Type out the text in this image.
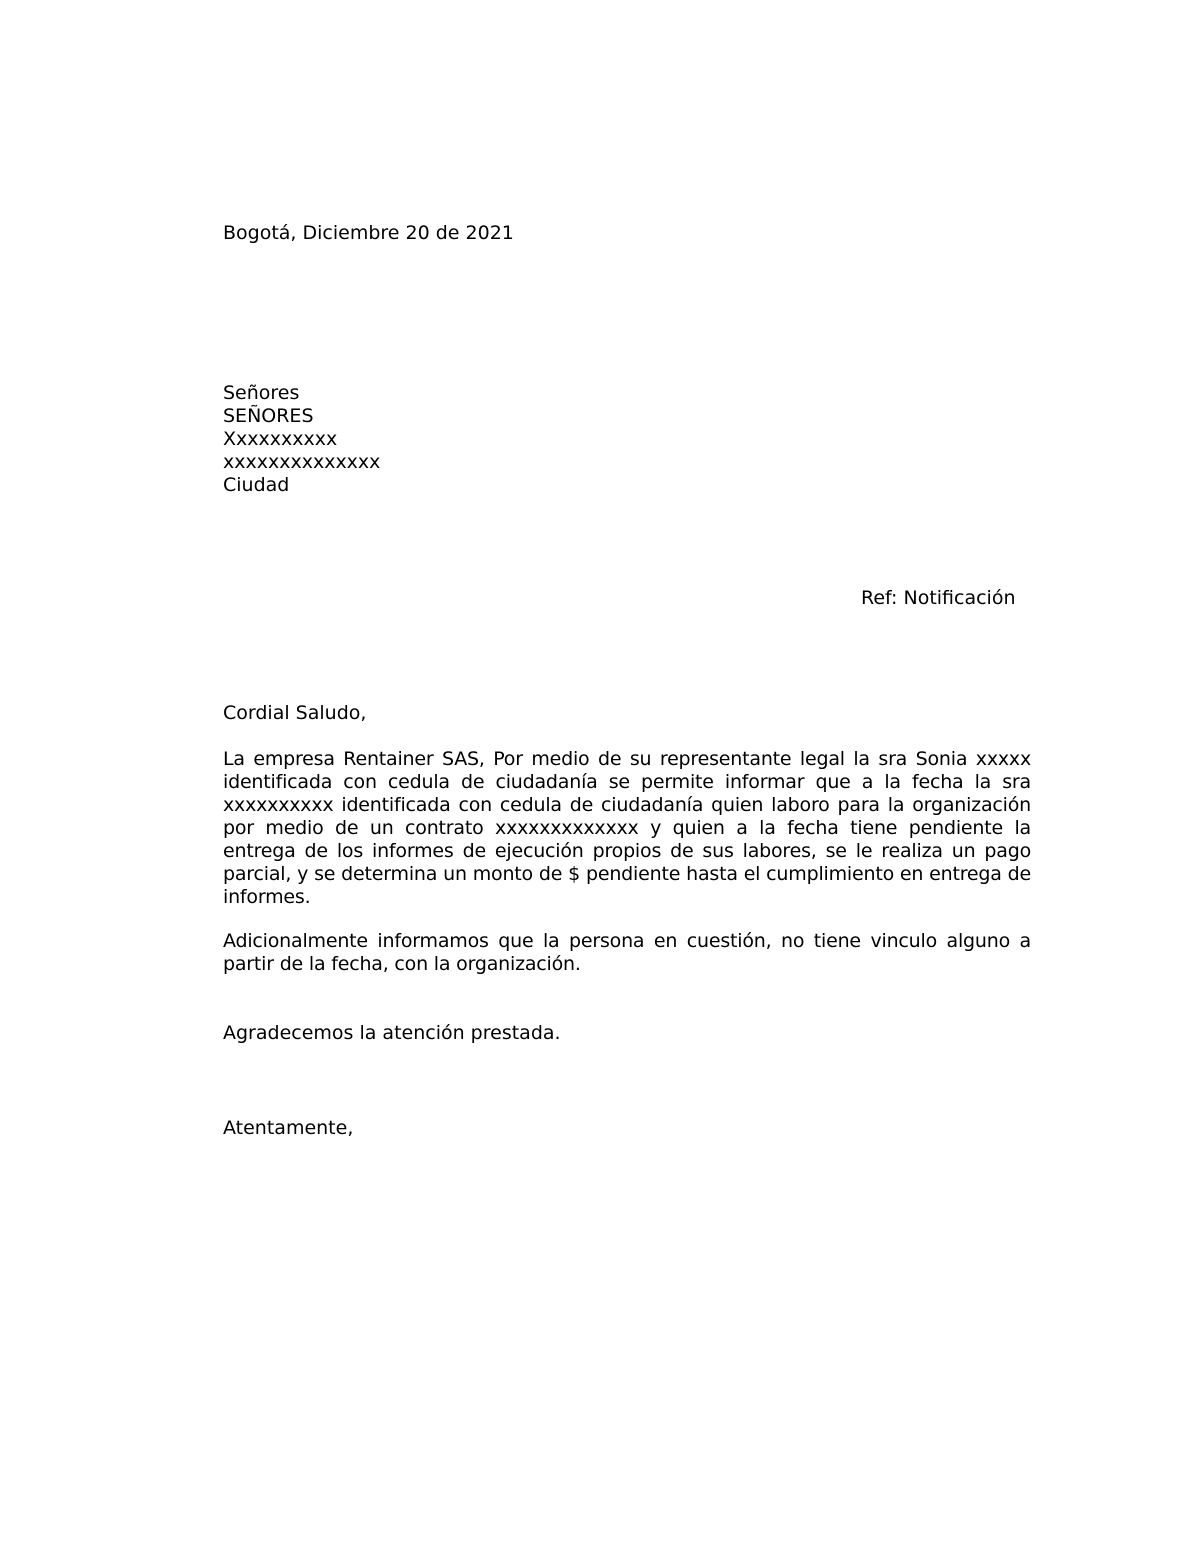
Bogotá, Diciembre 20 de 2021
Señores
SEÑORES
Xxxxxxxxxx
xxxxxxxxxxxxxx
Ciudad
Ref: Notificación
Cordial Saludo,
La empresa Rentainer SAS, Por medio de su representante legal la sra Sonia xxxxx identificada con cedula de ciudadanía se permite informar que a la fecha la sra xxxxxxxxxx identificada con cedula de ciudadanía quien laboro para la organización por medio de un contrato xxxxxxxxxxxxx y quien a la fecha tiene pendiente la entrega de los informes de ejecución propios de sus labores, se le realiza un pago parcial, y se determina un monto de $ pendiente hasta el cumplimiento en entrega de informes.
Adicionalmente informamos que la persona en cuestión, no tiene vinculo alguno a partir de la fecha, con la organización.
Agradecemos la atención prestada.
Atentamente,
